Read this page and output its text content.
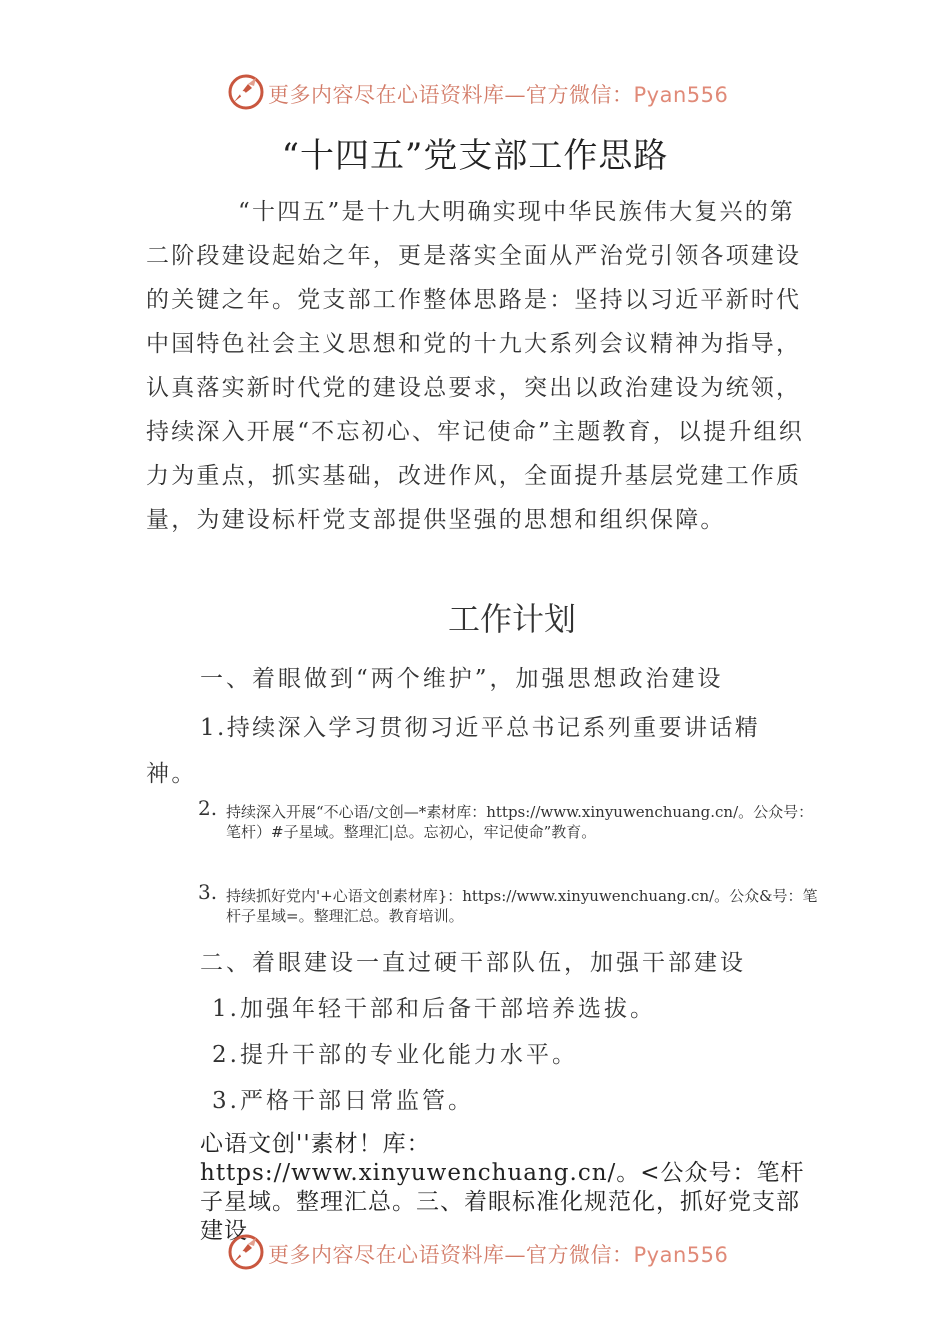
更多内容尽在心语资料库—官方微信：Pyan556
“十四五”党支部工作思路

“十四五”是十九大明确实现中华民族伟大复兴的第二阶段建设起始之年，更是落实全面从严治党引领各项建设的关键之年。党支部工作整体思路是：坚持以习近平新时代中国特色社会主义思想和党的十九大系列会议精神为指导，认真落实新时代党的建设总要求，突出以政治建设为统领，持续深入开展“不忘初心、牢记使命”主题教育，以提升组织力为重点，抓实基础，改进作风，全面提升基层党建工作质量，为建设标杆党支部提供坚强的思想和组织保障。

工作计划

一、着眼做到“两个维护”，加强思想政治建设

1.持续深入学习贯彻习近平总书记系列重要讲话精神。

2. 持续深入开展“不心语/文创—*素材库：https://www.xinyuwenchuang.cn/。公众号：笔杆）#子星域。整理汇|总。忘初心，牢记使命”教育。
3. 持续抓好党内'+心语文创素材库}：https://www.xinyuwenchuang.cn/。公众&号：笔杆子星域=。整理汇总。教育培训。

二、着眼建设一直过硬干部队伍，加强干部建设

1.加强年轻干部和后备干部培养选拔。

2.提升干部的专业化能力水平。

3.严格干部日常监管。

心语文创''素材！库：https://www.xinyuwenchuang.cn/。<公众号：笔杆子星域。整理汇总。三、着眼标准化规范化，抓好党支部建设

更多内容尽在心语资料库—官方微信：Pyan556
